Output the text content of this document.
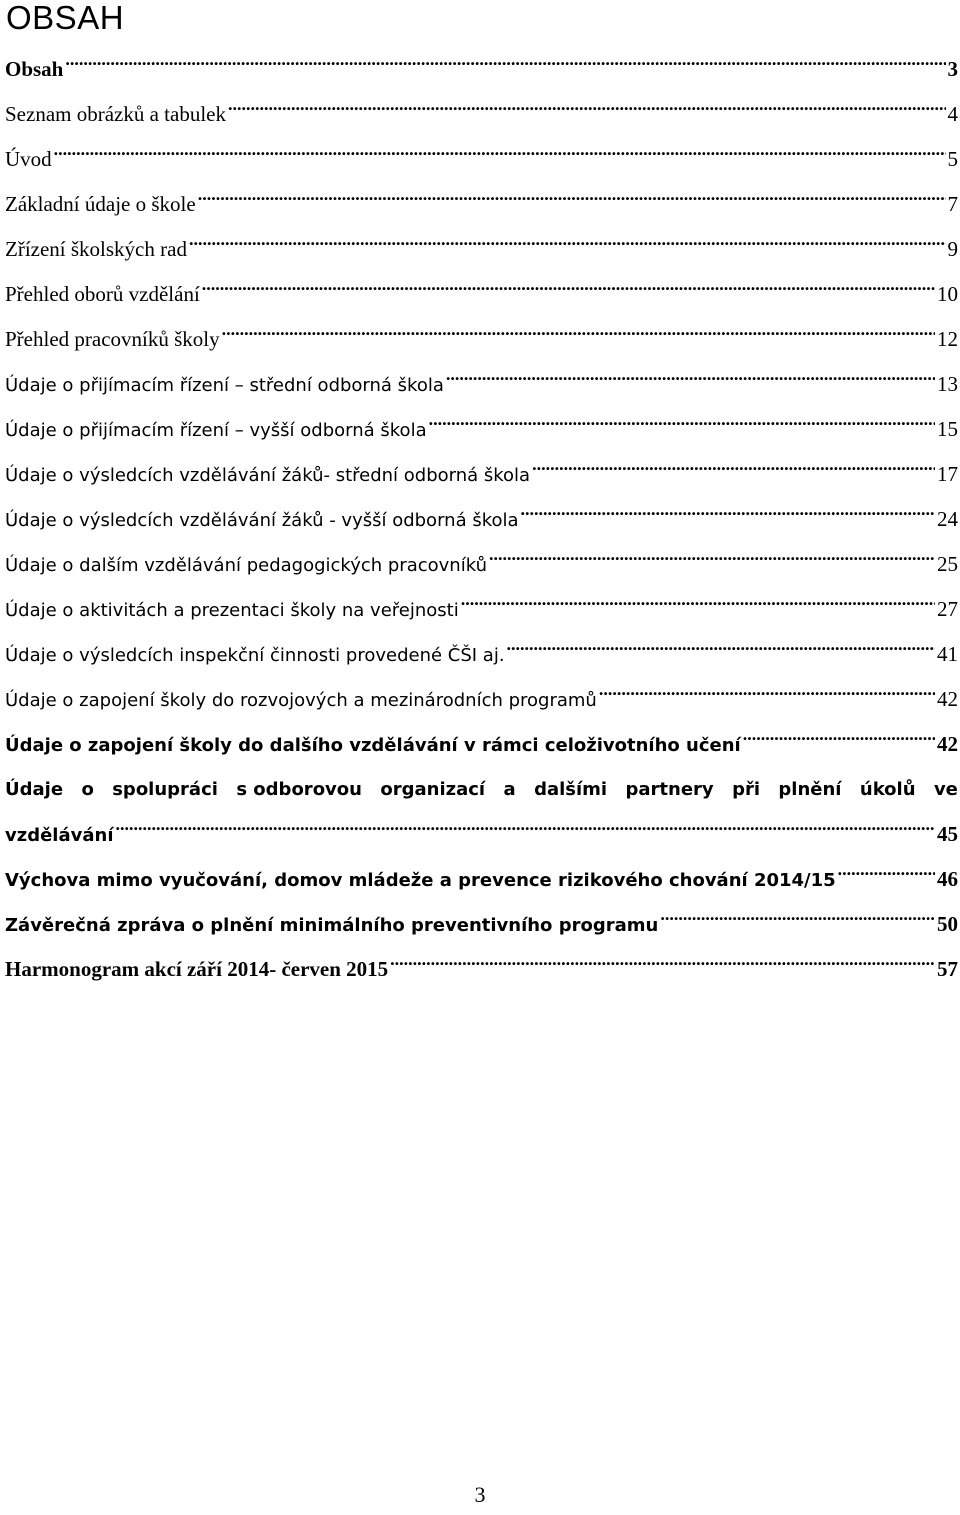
OBSAH
Obsah .....	3
Seznam obrázků a tabulek .....	4
Úvod .....	5
Základní údaje o škole .....	7
Zřízení školských rad .....	9
Přehled oborů vzdělání .....	10
Přehled pracovníků školy .....	12
Údaje o přijímacím řízení – střední odborná škola .....	13
Údaje o přijímacím řízení – vyšší odborná škola .....	15
Údaje o výsledcích vzdělávání žáků- střední odborná škola .....	17
Údaje o výsledcích vzdělávání žáků - vyšší odborná škola .....	24
Údaje o dalším vzdělávání pedagogických pracovníků .....	25
Údaje o aktivitách a prezentaci školy na veřejnosti .....	27
Údaje o výsledcích inspekční činnosti provedené ČŠI aj. .....	41
Údaje o zapojení školy do rozvojových a mezinárodních programů .....	42
Údaje o zapojení školy do dalšího vzdělávání v rámci celoživotního učení .....	42
Údaje o spolupráci s odborovou organizací a dalšími partnery při plnění úkolů ve
vzdělávání .....	45
Výchova mimo vyučování, domov mládeže a prevence rizikového chování 2014/15 .....	46
Závěrečná zpráva o plnění minimálního preventivního programu .....	50
Harmonogram akcí září 2014- červen 2015 .....	57
3
